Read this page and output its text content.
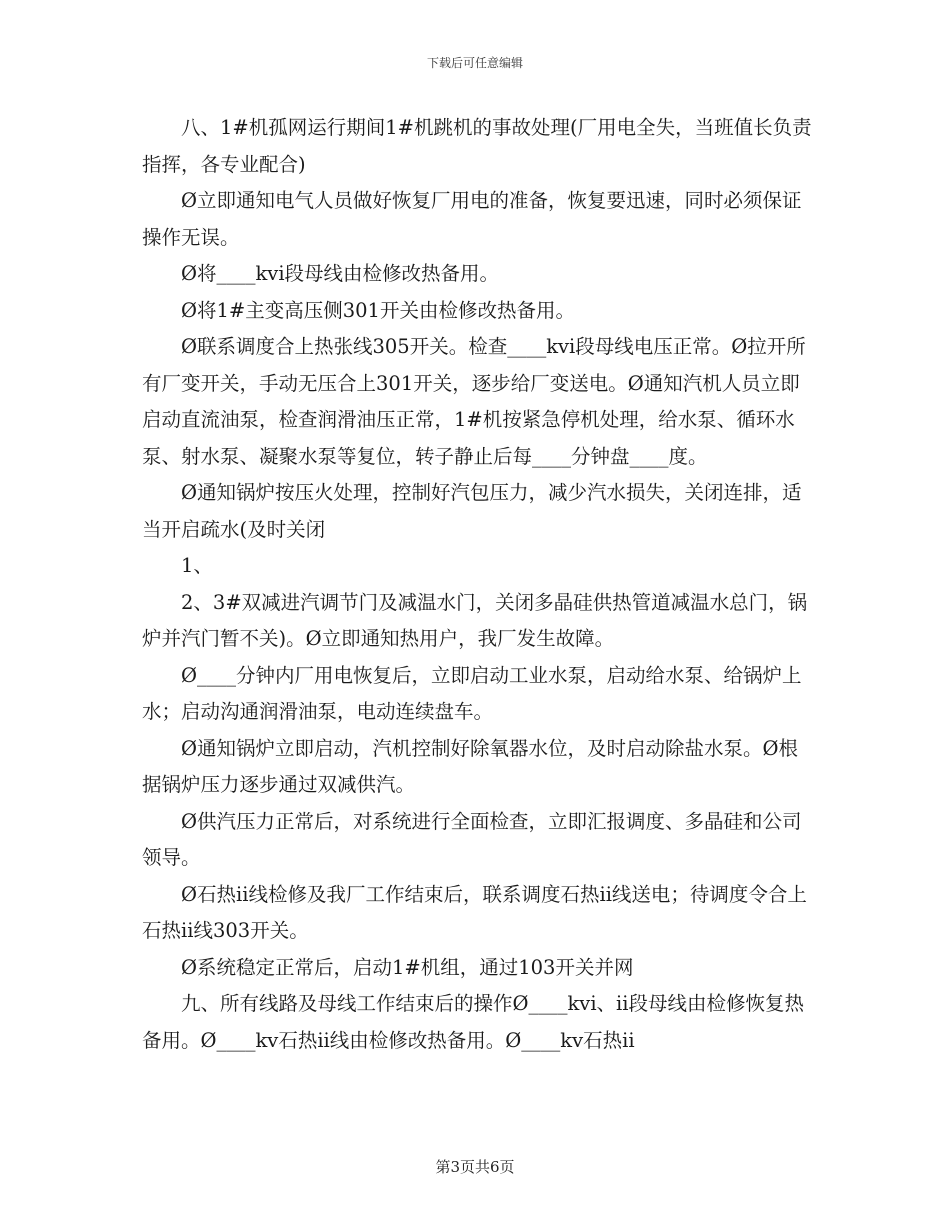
下载后可任意编辑

八、1#机孤网运行期间1#机跳机的事故处理(厂用电全失，当班值长负责指挥，各专业配合)

Ø立即通知电气人员做好恢复厂用电的准备，恢复要迅速，同时必须保证操作无误。

Ø将____kvi段母线由检修改热备用。

Ø将1#主变高压侧301开关由检修改热备用。

Ø联系调度合上热张线305开关。检查____kvi段母线电压正常。Ø拉开所有厂变开关，手动无压合上301开关，逐步给厂变送电。Ø通知汽机人员立即启动直流油泵，检查润滑油压正常，1#机按紧急停机处理，给水泵、循环水泵、射水泵、凝聚水泵等复位，转子静止后每____分钟盘____度。

Ø通知锅炉按压火处理，控制好汽包压力，减少汽水损失，关闭连排，适当开启疏水(及时关闭

1、

2、3#双减进汽调节门及减温水门，关闭多晶硅供热管道减温水总门，锅炉并汽门暂不关)。Ø立即通知热用户，我厂发生故障。

Ø____分钟内厂用电恢复后，立即启动工业水泵，启动给水泵、给锅炉上水；启动沟通润滑油泵，电动连续盘车。

Ø通知锅炉立即启动，汽机控制好除氧器水位，及时启动除盐水泵。Ø根据锅炉压力逐步通过双减供汽。

Ø供汽压力正常后，对系统进行全面检查，立即汇报调度、多晶硅和公司领导。

Ø石热ii线检修及我厂工作结束后，联系调度石热ii线送电；待调度令合上石热ii线303开关。

Ø系统稳定正常后，启动1#机组，通过103开关并网

九、所有线路及母线工作结束后的操作Ø____kvi、ii段母线由检修恢复热备用。Ø____kv石热ii线由检修改热备用。Ø____kv石热ii

第3页共6页
